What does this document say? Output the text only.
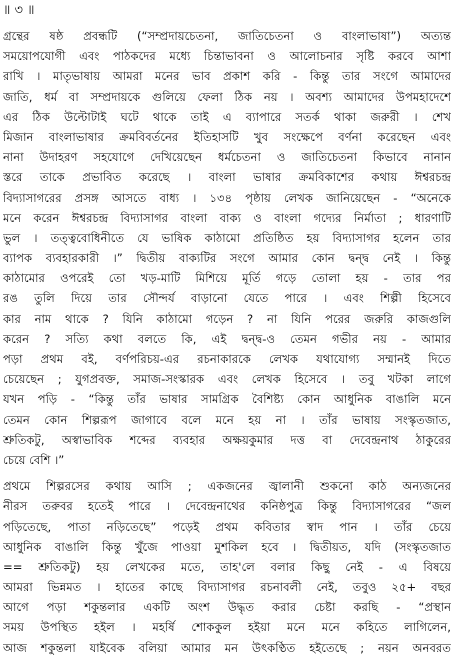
॥ ৩ ॥
গ্রন্থের ষষ্ঠ প্রবন্ধটি (“সম্প্রদায়চেতনা, জাতিচেতনা ও বাংলাভাষা”) অত্যন্ত
সময়োপযোগী এবং পাঠকদের মধ্যে চিন্তাভাবনা ও আলোচনার সৃষ্টি করবে আশা
রাখি । মাতৃভাষায় আমরা মনের ভাব প্রকাশ করি - কিন্তু তার সংগে আমাদের
জাতি, ধর্ম বা সম্প্রদায়কে গুলিয়ে ফেলা ঠিক নয় । অবশ্য আমাদের উপমহাদেশে
এর ঠিক উল্টোটাই ঘটে থাকে তাই এ ব্যাপারে সতর্ক থাকা জরুরী । শেখ
মিজান বাংলাভাষার ক্রমবিবর্তনের ইতিহাসটি খুব সংক্ষেপে বর্ণনা করেছেন এবং
নানা উদাহরণ সহযোগে দেখিয়েছেন ধর্মচেতনা ও জাতিচেতনা কিভাবে নানান
স্তরে তাকে প্রভাবিত করেছে । বাংলা ভাষার ক্রমবিকাশের কথায় ঈশ্বরচন্দ্র
বিদ্যাসাগরের প্রসঙ্গ আসতে বাধ্য । ১৩৪ পৃষ্ঠায় লেখক জানিয়েছেন - “অনেকে
মনে করেন ঈশ্বরচন্দ্র বিদ্যাসাগর বাংলা বাক্য ও বাংলা গদ্যের নির্মাতা ; ধারণাটি
ভুল । তত্ত্ববোধিনীতে যে ভাষিক কাঠামো প্রতিষ্ঠিত হয় বিদ্যাসাগর হলেন তার
ব্যাপক ব্যবহারকারী ।” দ্বিতীয় বাক্যটির সংগে আমার কোন দ্বন্দ্ব নেই । কিন্তু
কাঠামোর ওপরেই তো খড়-মাটি মিশিয়ে মূর্তি গড়ে তোলা হয় - তার পর
রঙ তুলি দিয়ে তার সৌন্দর্য বাড়ানো যেতে পারে । এবং শিল্পী হিসেবে
কার নাম থাকে ? যিনি কাঠামো গড়েন ? না যিনি পরের জরুরি কাজগুলি
করেন ? সত্যি কথা বলতে কি, এই দ্বন্দ্ব-ও তেমন গভীর নয় - আমার
পড়া প্রথম বই, বর্ণপরিচয়-এর রচনাকারকে লেখক যথাযোগ্য সম্মানই দিতে
চেয়েছেন ; যুগপ্রবক্ত, সমাজ-সংস্কারক এবং লেখক হিসেবে । তবু খটকা লাগে
যখন পড়ি - “কিন্তু তাঁর ভাষার সামগ্রিক বৈশিষ্ট্য কোন আধুনিক বাঙালি মনে
তেমন কোন শিল্পরূপ জাগাবে বলে মনে হয় না । তাঁর ভাষায় সংস্কৃতজাত,
শ্রুতিকটু, অস্বাভাবিক শব্দের ব্যবহার অক্ষয়কুমার দত্ত বা দেবেন্দ্রনাথ ঠাকুরের
চেয়ে বেশি ।”
প্রথমে শিল্পরসের কথায় আসি ; একজনের জ্বালানী শুকনো কাঠ অন্যজনের
নীরস তরুবর হতেই পারে । দেবেন্দ্রনাথের কনিষ্ঠপুত্র কিন্তু বিদ্যাসাগরের “জল
পড়িতেছে, পাতা নড়িতেছে” পড়েই প্রথম কবিতার স্বাদ পান । তাঁর চেয়ে
আধুনিক বাঙালি কিন্তু খুঁজে পাওয়া মুশকিল হবে । দ্বিতীয়ত, যদি (সংস্কৃতজাত
== শ্রুতিকটু) হয় লেখকের মতে, তাহ'লে বলার কিছু নেই - এ বিষয়ে
আমরা ভিন্নমত । হাতের কাছে বিদ্যাসাগর রচনাবলী নেই, তবুও ২৫+ বছর
আগে পড়া শকুন্তলার একটি অংশ উদ্ধৃত করার চেষ্টা করছি - “প্রস্থান
সময় উপস্থিত হইল । মহর্ষি শোককুল হইয়া মনে মনে কহিতে লাগিলেন,
আজ শকুন্তলা যাইবেক বলিয়া আমার মন উৎকণ্ঠিত হইতেছে ; নয়ন অনবরত
